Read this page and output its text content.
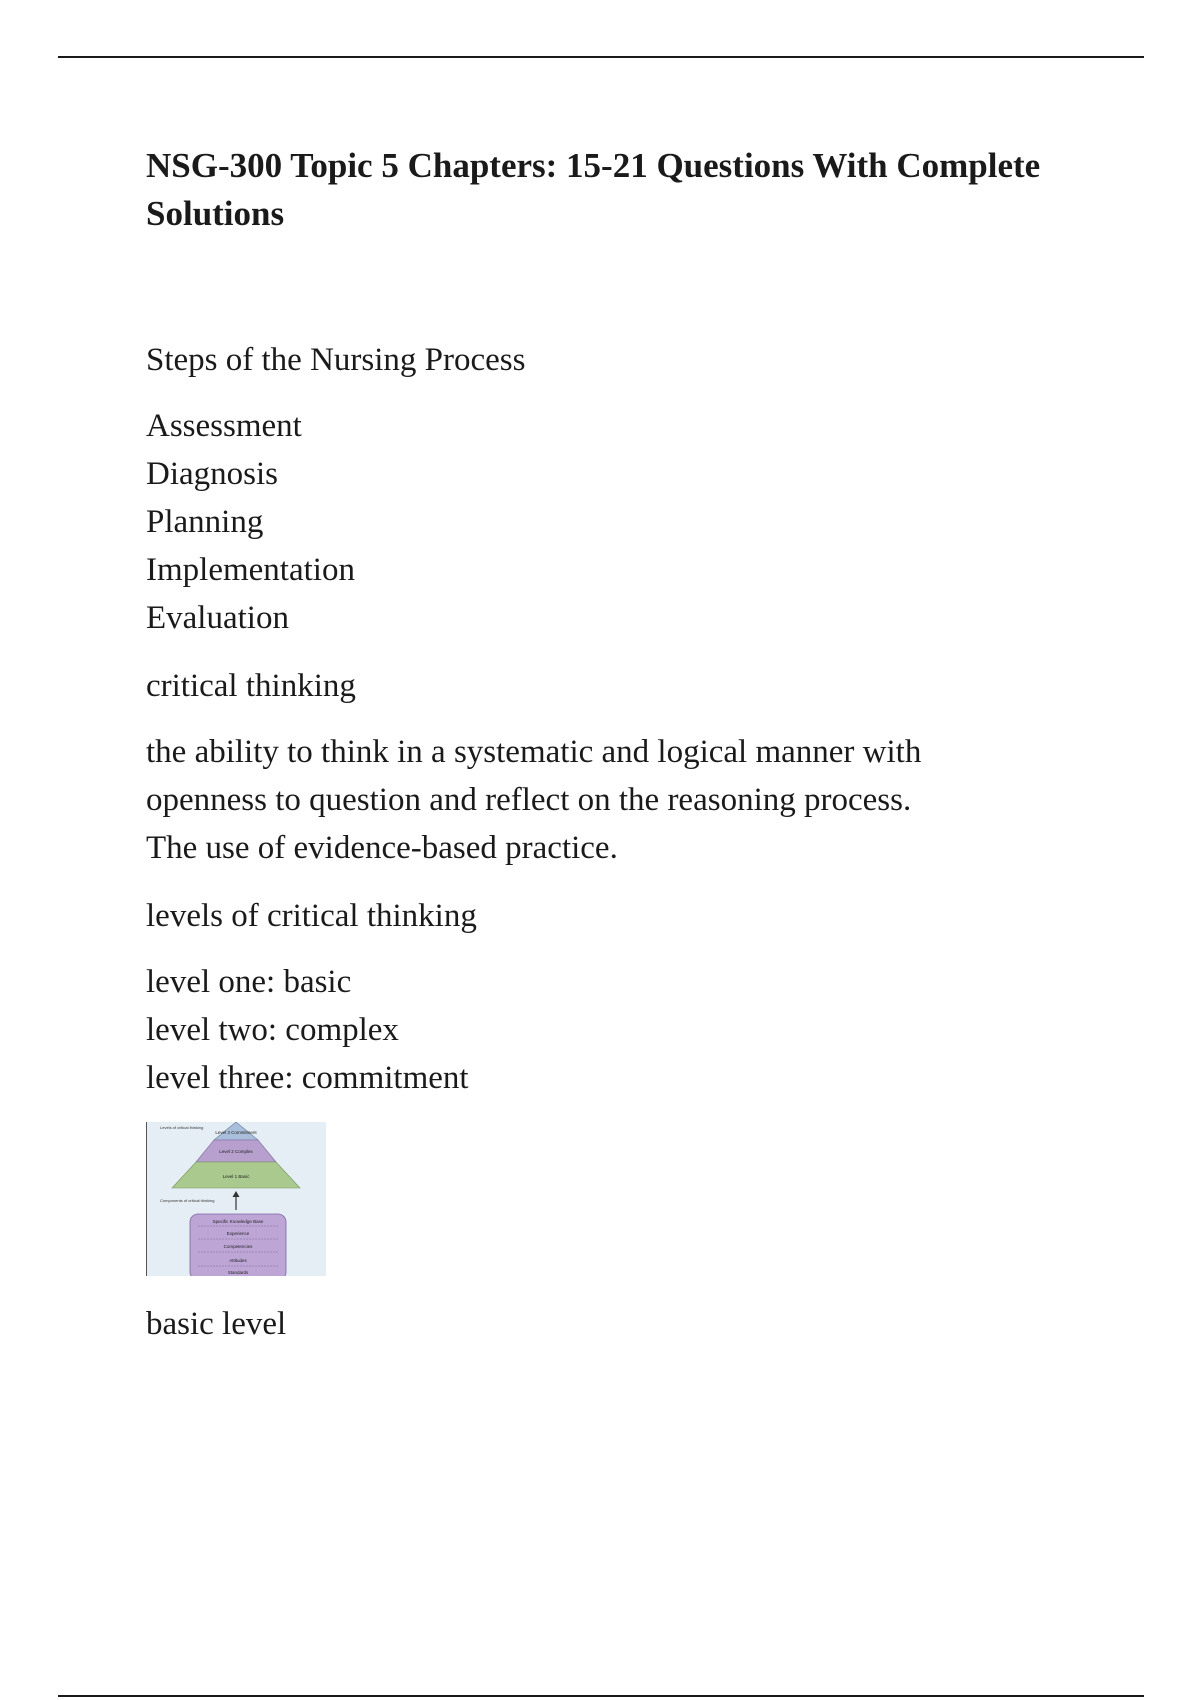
NSG-300 Topic 5 Chapters: 15-21 Questions With Complete Solutions

Steps of the Nursing Process

Assessment
Diagnosis
Planning
Implementation
Evaluation

critical thinking

the ability to think in a systematic and logical manner with
openness to question and reflect on the reasoning process.
The use of evidence-based practice.

levels of critical thinking

level one: basic
level two: complex
level three: commitment
Level 3 Commitment
Level 2 Complex
Level 1 Basic
Levels of critical thinking
Components of critical thinking
Specific Knowledge Base
Experience
Competencies
Attitudes
Standards

basic level
